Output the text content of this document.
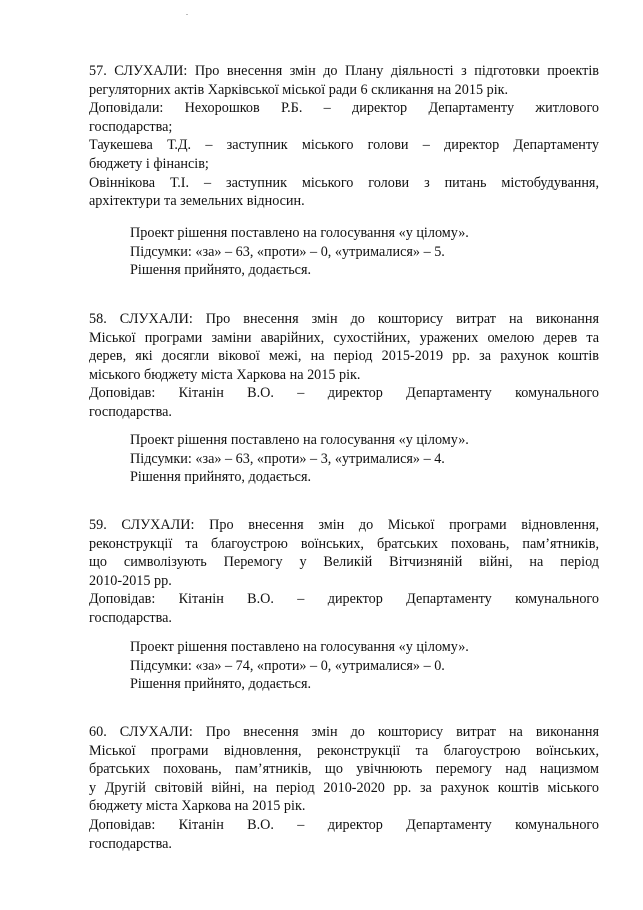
57. СЛУХАЛИ: Про внесення змін до Плану діяльності з підготовки проектів
регуляторних актів Харківської міської ради 6 скликання на 2015 рік.
Доповідали: Нехорошков Р.Б. – директор Департаменту житлового
господарства;
Таукешева Т.Д. – заступник міського голови – директор Департаменту
бюджету і фінансів;
Овіннікова Т.І. – заступник міського голови з питань містобудування,
архітектури та земельних відносин.
Проект рішення поставлено на голосування «у цілому».
Підсумки: «за» – 63, «проти» – 0, «утрималися» – 5.
Рішення прийнято, додається.
58. СЛУХАЛИ: Про внесення змін до кошторису витрат на виконання
Міської програми заміни аварійних, сухостійних, уражених омелою дерев та
дерев, які досягли вікової межі, на період 2015-2019 рр. за рахунок коштів
міського бюджету міста Харкова на 2015 рік.
Доповідав: Кітанін В.О. – директор Департаменту комунального
господарства.
Проект рішення поставлено на голосування «у цілому».
Підсумки: «за» – 63, «проти» – 3, «утрималися» – 4.
Рішення прийнято, додається.
59. СЛУХАЛИ: Про внесення змін до Міської програми відновлення,
реконструкції та благоустрою воїнських, братських поховань, пам’ятників,
що символізують Перемогу у Великій Вітчизняній війні, на період
2010-2015 рр.
Доповідав: Кітанін В.О. – директор Департаменту комунального
господарства.
Проект рішення поставлено на голосування «у цілому».
Підсумки: «за» – 74, «проти» – 0, «утрималися» – 0.
Рішення прийнято, додається.
60. СЛУХАЛИ: Про внесення змін до кошторису витрат на виконання
Міської програми відновлення, реконструкції та благоустрою воїнських,
братських поховань, пам’ятників, що увічнюють перемогу над нацизмом
у Другій світовій війні, на період 2010-2020 рр. за рахунок коштів міського
бюджету міста Харкова на 2015 рік.
Доповідав: Кітанін В.О. – директор Департаменту комунального
господарства.
